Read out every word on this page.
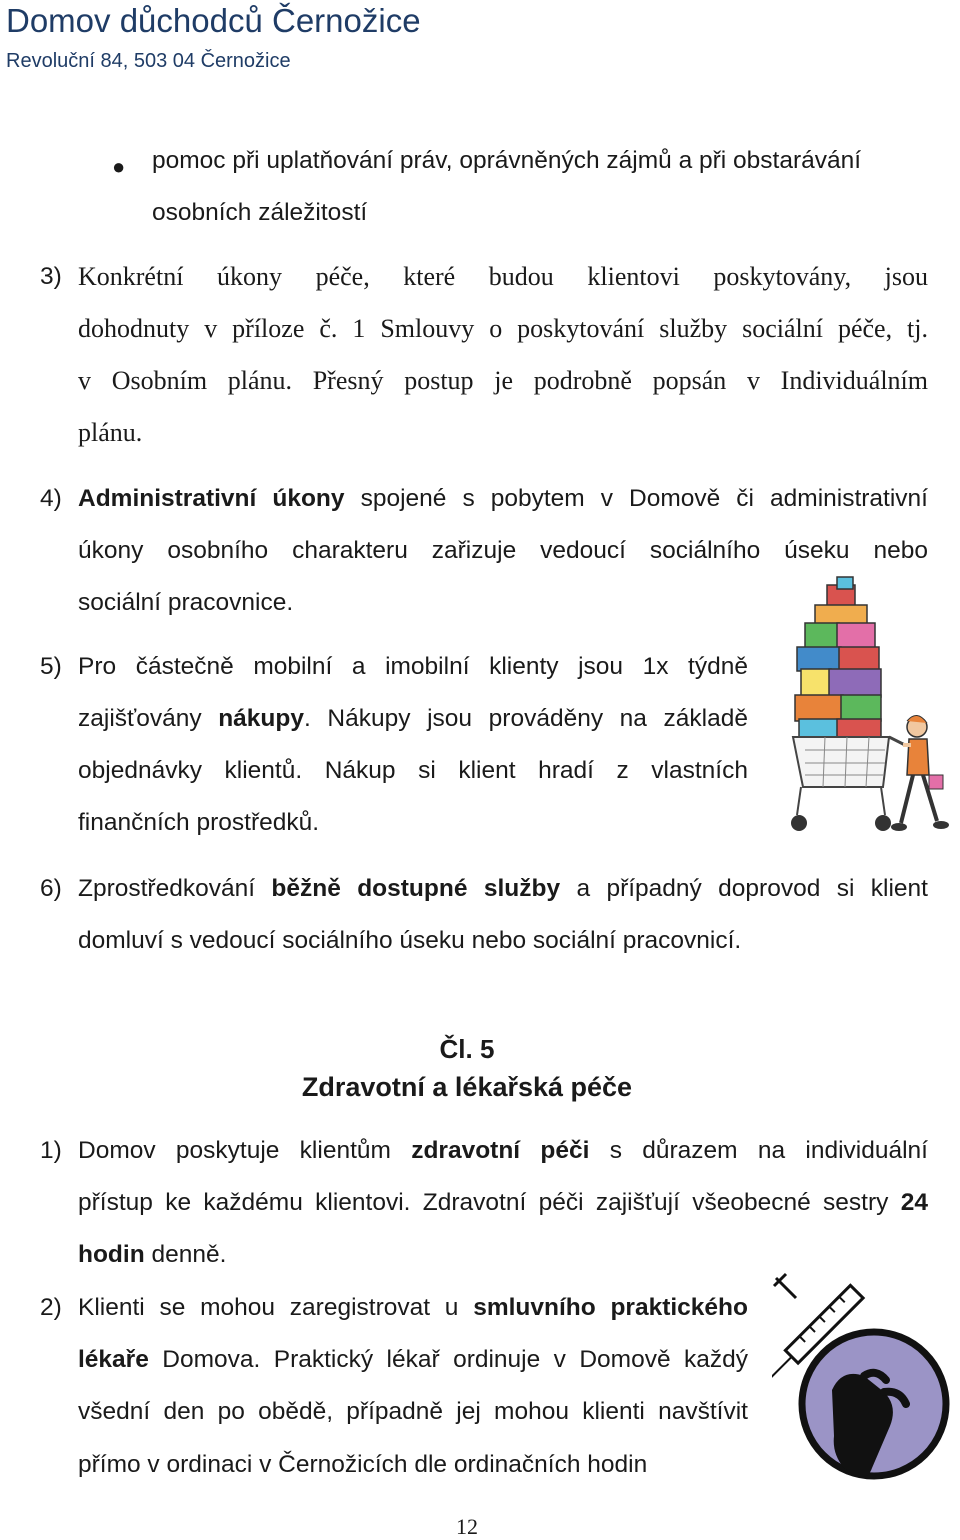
Domov důchodců Černožice
Revoluční 84, 503 04 Černožice
● pomoc při uplatňování práv, oprávněných zájmů a při obstarávání
osobních záležitostí
3) Konkrétní úkony péče, které budou klientovi poskytovány, jsou
dohodnuty v příloze č. 1 Smlouvy o poskytování služby sociální péče, tj.
v Osobním plánu. Přesný postup je podrobně popsán v Individuálním
plánu.
4) Administrativní úkony spojené s pobytem v Domově či administrativní
úkony osobního charakteru zařizuje vedoucí sociálního úseku nebo
sociální pracovnice.
5) Pro částečně mobilní a imobilní klienty jsou 1x týdně
zajišťovány nákupy. Nákupy jsou prováděny na základě
objednávky klientů. Nákup si klient hradí z vlastních
finančních prostředků.
6) Zprostředkování běžně dostupné služby a případný doprovod si klient
domluví s vedoucí sociálního úseku nebo sociální pracovnicí.
Čl. 5
Zdravotní a lékařská péče
1) Domov poskytuje klientům zdravotní péči s důrazem na individuální
přístup ke každému klientovi. Zdravotní péči zajišťují všeobecné sestry 24
hodin denně.
2) Klienti se mohou zaregistrovat u smluvního praktického
lékaře Domova. Praktický lékař ordinuje v Domově každý
všední den po obědě, případně jej mohou klienti navštívit
přímo v ordinaci v Černožicích dle ordinačních hodin
12
